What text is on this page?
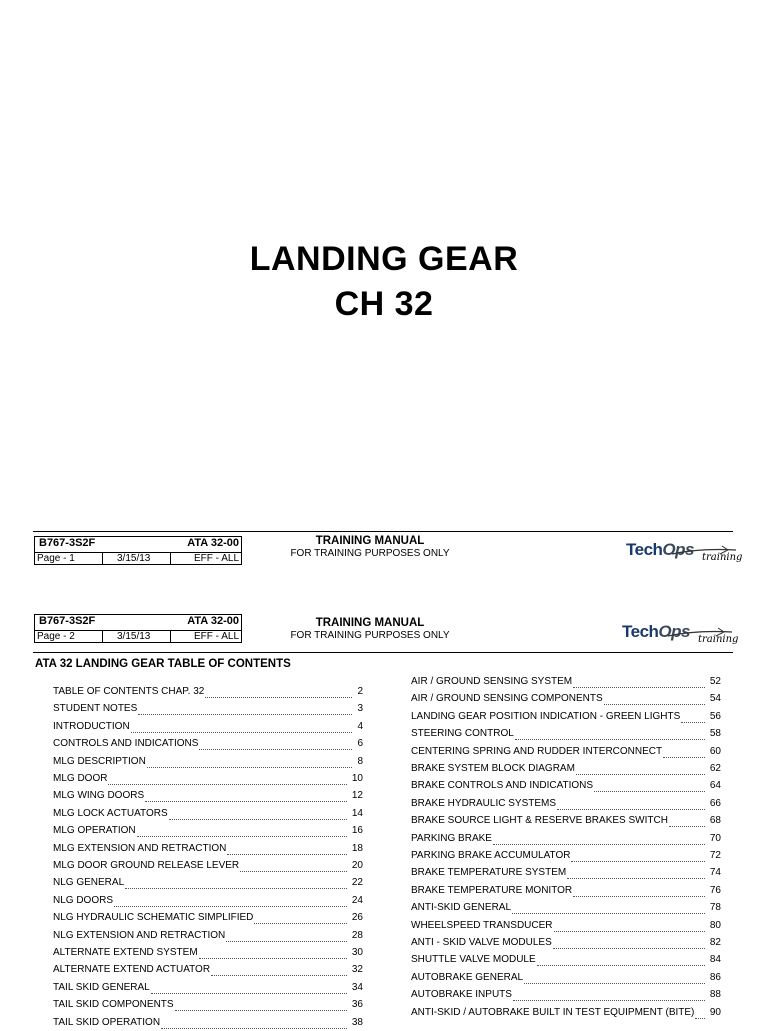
LANDING GEAR
CH 32
B767-3S2F	ATA 32-00
Page - 1	3/15/13	EFF - ALL
TRAINING MANUAL
FOR TRAINING PURPOSES ONLY	TechOps training
B767-3S2F	ATA 32-00
Page - 2	3/15/13	EFF - ALL
TRAINING MANUAL
FOR TRAINING PURPOSES ONLY	TechOps training
ATA 32 LANDING GEAR TABLE OF CONTENTS
TABLE OF CONTENTS CHAP. 32	2
STUDENT NOTES	3
INTRODUCTION	4
CONTROLS AND INDICATIONS	6
MLG DESCRIPTION	8
MLG DOOR	10
MLG WING DOORS	12
MLG LOCK ACTUATORS	14
MLG OPERATION	16
MLG EXTENSION AND RETRACTION	18
MLG DOOR GROUND RELEASE LEVER	20
NLG GENERAL	22
NLG DOORS	24
NLG HYDRAULIC SCHEMATIC SIMPLIFIED	26
NLG EXTENSION AND RETRACTION	28
ALTERNATE EXTEND SYSTEM	30
ALTERNATE EXTEND ACTUATOR	32
TAIL SKID GENERAL	34
TAIL SKID COMPONENTS	36
TAIL SKID OPERATION	38
AIR / GROUND SENSING SYSTEM	52
AIR / GROUND SENSING COMPONENTS	54
LANDING GEAR POSITION INDICATION - GREEN LIGHTS	56
STEERING CONTROL	58
CENTERING SPRING AND RUDDER INTERCONNECT	60
BRAKE SYSTEM BLOCK DIAGRAM	62
BRAKE CONTROLS AND INDICATIONS	64
BRAKE HYDRAULIC SYSTEMS	66
BRAKE SOURCE LIGHT & RESERVE BRAKES SWITCH	68
PARKING BRAKE	70
PARKING BRAKE ACCUMULATOR	72
BRAKE TEMPERATURE SYSTEM	74
BRAKE TEMPERATURE MONITOR	76
ANTI-SKID GENERAL	78
WHEELSPEED TRANSDUCER	80
ANTI - SKID VALVE MODULES	82
SHUTTLE VALVE MODULE	84
AUTOBRAKE GENERAL	86
AUTOBRAKE INPUTS	88
ANTI-SKID / AUTOBRAKE BUILT IN TEST EQUIPMENT (BITE) 90
